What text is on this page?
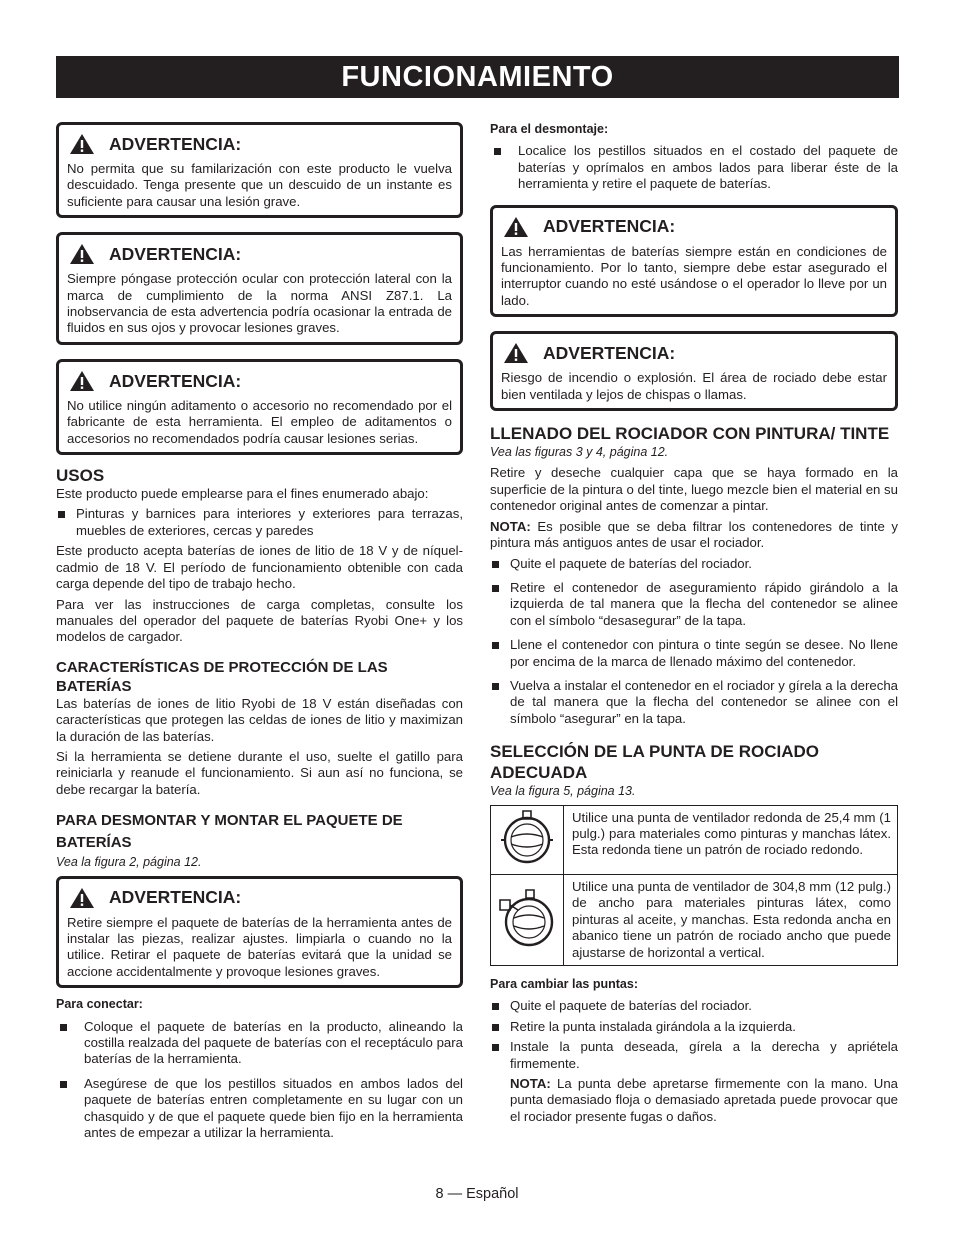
FUNCIONAMIENTO
ADVERTENCIA:

No permita que su familarización con este producto le vuelva descuidado. Tenga presente que un descuido de un instante es suficiente para causar una lesión grave.

ADVERTENCIA:

Siempre póngase protección ocular con protección lateral con la marca de cumplimiento de la norma ANSI Z87.1. La inobservancia de esta advertencia podría ocasionar la entrada de fluidos en sus ojos y provocar lesiones graves.

ADVERTENCIA:

No utilice ningún aditamento o accesorio no recomendado por el fabricante de esta herramienta. El empleo de aditamentos o accesorios no recomendados podría causar lesiones serias.

USOS

Este producto puede emplearse para el fines enumerado abajo:

Pinturas y barnices para interiores y exteriores para terrazas, muebles de exteriores, cercas y paredes

Este producto acepta baterías de iones de litio de 18 V y de níquel-cadmio de 18 V. El período de funcionamiento obtenible con cada carga depende del tipo de trabajo hecho.

Para ver las instrucciones de carga completas, consulte los manuales del operador del paquete de baterías Ryobi One+ y los modelos de cargador.

CARACTERÍSTICAS DE PROTECCIÓN DE LAS BATERÍAS

Las baterías de iones de litio Ryobi de 18 V están diseñadas con características que protegen las celdas de iones de litio y maximizan la duración de las baterías.

Si la herramienta se detiene durante el uso, suelte el gatillo para reiniciarla y reanude el funcionamiento. Si aun así no funciona, se debe recargar la batería.

PARA DESMONTAR Y MONTAR EL PAQUETE DE BATERÍAS

Vea la figura 2, página 12.

ADVERTENCIA:

Retire siempre el paquete de baterías de la herramienta antes de instalar las piezas, realizar ajustes. limpiarla o cuando no la utilice. Retirar el paquete de baterías evitará que la unidad se accione accidentalmente y provoque lesiones graves.

Para conectar:
Coloque el paquete de baterías en la producto, alineando la costilla realzada del paquete de baterías con el receptáculo para baterías de la herramienta.
Asegúrese de que los pestillos situados en ambos lados del paquete de baterías entren completamente en su lugar con un chasquido y de que el paquete quede bien fijo en la herramienta antes de empezar a utilizar la herramienta.
Para el desmontaje:
Localice los pestillos situados en el costado del paquete de baterías y oprímalos en ambos lados para liberar éste de la herramienta y retire el paquete de baterías.
ADVERTENCIA:

Las herramientas de baterías siempre están en condiciones de funcionamiento. Por lo tanto, siempre debe estar asegurado el interruptor cuando no esté usándose o el operador lo lleve por un lado.

ADVERTENCIA:

Riesgo de incendio o explosión. El área de rociado debe estar bien ventilada y lejos de chispas o llamas.

LLENADO DEL ROCIADOR CON PINTURA/ TINTE

Vea las figuras 3 y 4, página 12.

Retire y deseche cualquier capa que se haya formado en la superficie de la pintura o del tinte, luego mezcle bien el material en su contenedor original antes de comenzar a pintar.

NOTA: Es posible que se deba filtrar los contenedores de tinte y pintura más antiguos antes de usar el rociador.

Quite el paquete de baterías del rociador.
Retire el contenedor de aseguramiento rápido girándolo a la izquierda de tal manera que la flecha del contenedor se alinee con el símbolo “desasegurar” de la tapa.
Llene el contenedor con pintura o tinte según se desee. No llene por encima de la marca de llenado máximo del contenedor.
Vuelva a instalar el contenedor en el rociador y gírela a la derecha de tal manera que la flecha del contenedor se alinee con el símbolo “asegurar” en la tapa.
SELECCIÓN DE LA PUNTA DE ROCIADO ADECUADA

Vea la figura 5, página 13.

	Utilice una punta de ventilador redonda de 25,4 mm (1 pulg.) para materiales como pinturas y manchas látex. Esta redonda tiene un patrón de rociado redondo.
	Utilice una punta de ventilador de 304,8 mm (12 pulg.) de ancho para materiales pinturas látex, como pinturas al aceite, y manchas. Esta redonda ancha en abanico tiene un patrón de rociado ancho que puede ajustarse de horizontal a vertical.
Para cambiar las puntas:
Quite el paquete de baterías del rociador.
Retire la punta instalada girándola a la izquierda.
Instale la punta deseada, gírela a la derecha y apriétela firmemente.

NOTA: La punta debe apretarse firmemente con la mano. Una punta demasiado floja o demasiado apretada puede provocar que el rociador presente fugas o daños.

8 — Español
